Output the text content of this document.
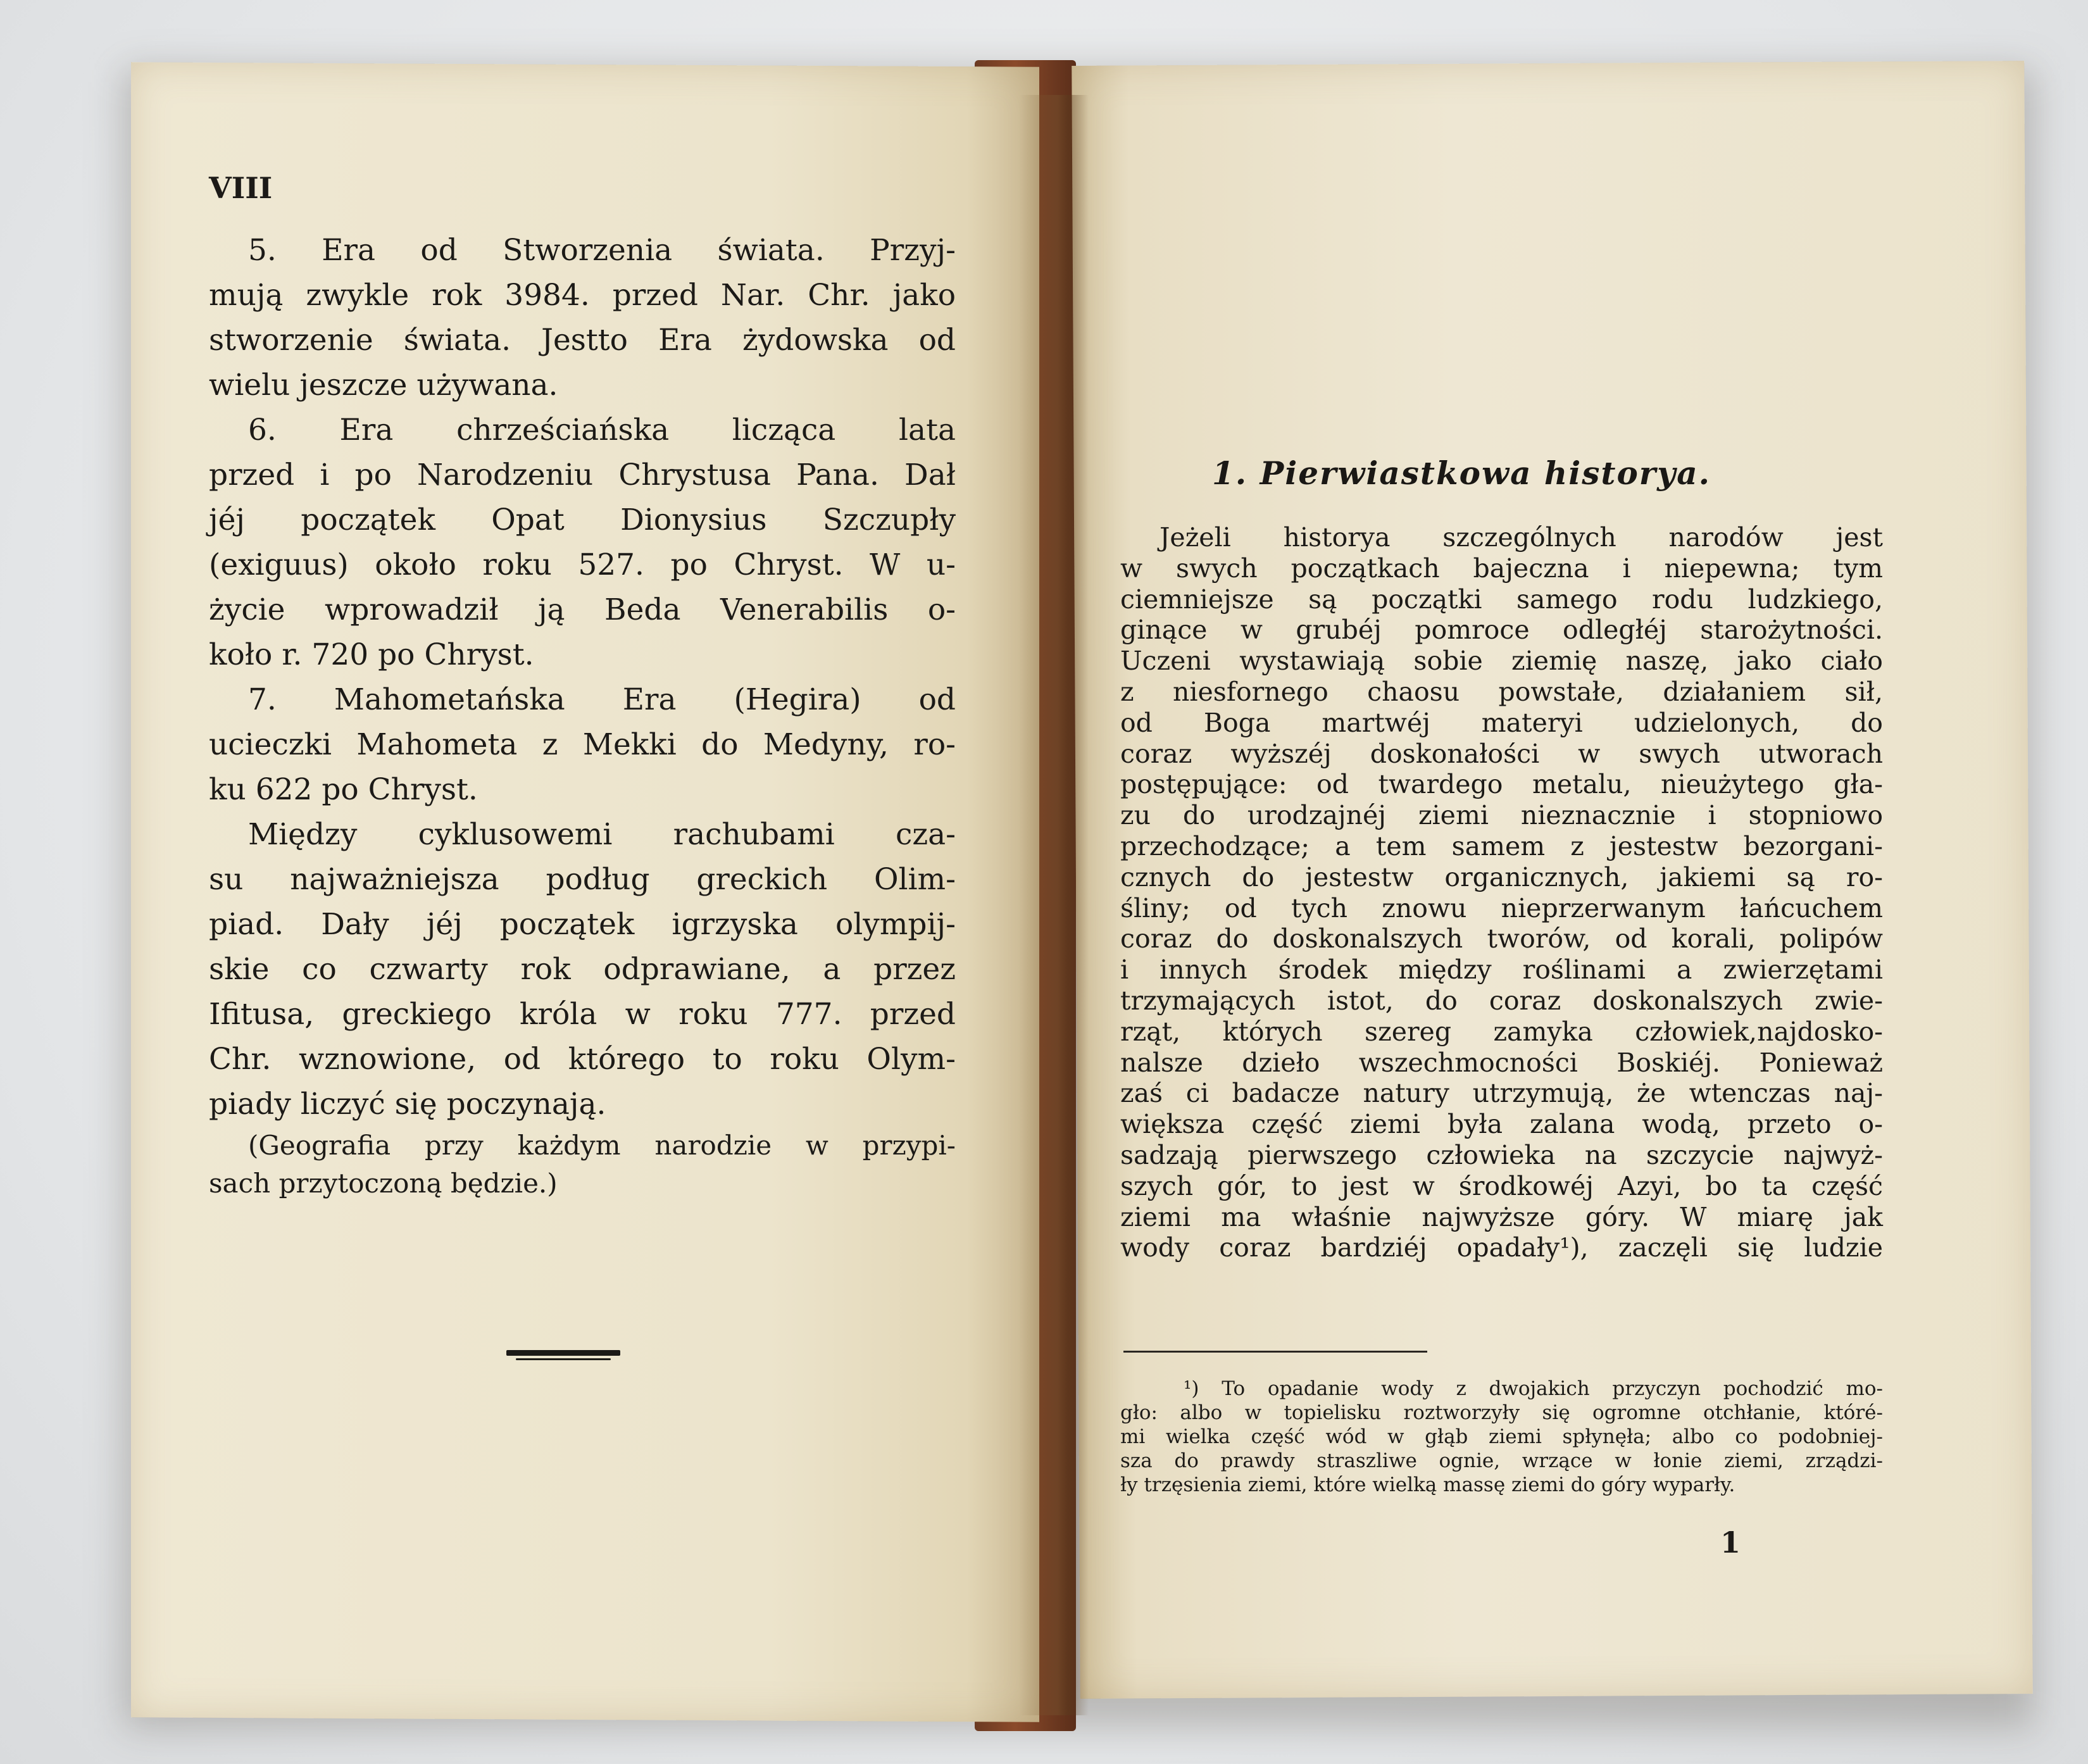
VIII
5. Era od Stworzenia świata. Przyj-
mują zwykle rok 3984. przed Nar. Chr. jako
stworzenie świata. Jestto Era żydowska od
wielu jeszcze używana.
6. Era chrześciańska licząca lata
przed i po Narodzeniu Chrystusa Pana. Dał
jéj początek Opat Dionysius Szczupły
(exiguus) około roku 527. po Chryst. W u-
życie wprowadził ją Beda Venerabilis o-
koło r. 720 po Chryst.
7. Mahometańska Era (Hegira) od
ucieczki Mahometa z Mekki do Medyny, ro-
ku 622 po Chryst.
Między cyklusowemi rachubami cza-
su najważniejsza podług greckich Olim-
piad. Dały jéj początek igrzyska olympij-
skie co czwarty rok odprawiane, a przez
Ifitusa, greckiego króla w roku 777. przed
Chr. wznowione, od którego to roku Olym-
piady liczyć się poczynają.
(Geografia przy każdym narodzie w przypi-
sach przytoczoną będzie.)
1. Pierwiastkowa historya.
Jeżeli historya szczególnych narodów jest
w swych początkach bajeczna i niepewna; tym
ciemniejsze są początki samego rodu ludzkiego,
ginące w grubéj pomroce odległéj starożytności.
Uczeni wystawiają sobie ziemię naszę, jako ciało
z niesfornego chaosu powstałe, działaniem sił,
od Boga martwéj materyi udzielonych, do
coraz wyższéj doskonałości w swych utworach
postępujące: od twardego metalu, nieużytego gła-
zu do urodzajnéj ziemi nieznacznie i stopniowo
przechodzące; a tem samem z jestestw bezorgani-
cznych do jestestw organicznych, jakiemi są ro-
śliny; od tych znowu nieprzerwanym łańcuchem
coraz do doskonalszych tworów, od korali, polipów
i innych środek między roślinami a zwierzętami
trzymających istot, do coraz doskonalszych zwie-
rząt, których szereg zamyka człowiek,najdosko-
nalsze dzieło wszechmocności Boskiéj. Ponieważ
zaś ci badacze natury utrzymują, że wtenczas naj-
większa część ziemi była zalana wodą, przeto o-
sadzają pierwszego człowieka na szczycie najwyż-
szych gór, to jest w środkowéj Azyi, bo ta część
ziemi ma właśnie najwyższe góry. W miarę jak
wody coraz bardziéj opadały¹), zaczęli się ludzie
¹) To opadanie wody z dwojakich przyczyn pochodzić mo-
gło: albo w topielisku roztworzyły się ogromne otchłanie, któré-
mi wielka część wód w głąb ziemi spłynęła; albo co podobniej-
sza do prawdy straszliwe ognie, wrzące w łonie ziemi, zrządzi-
ły trzęsienia ziemi, które wielką massę ziemi do góry wyparły.
1
